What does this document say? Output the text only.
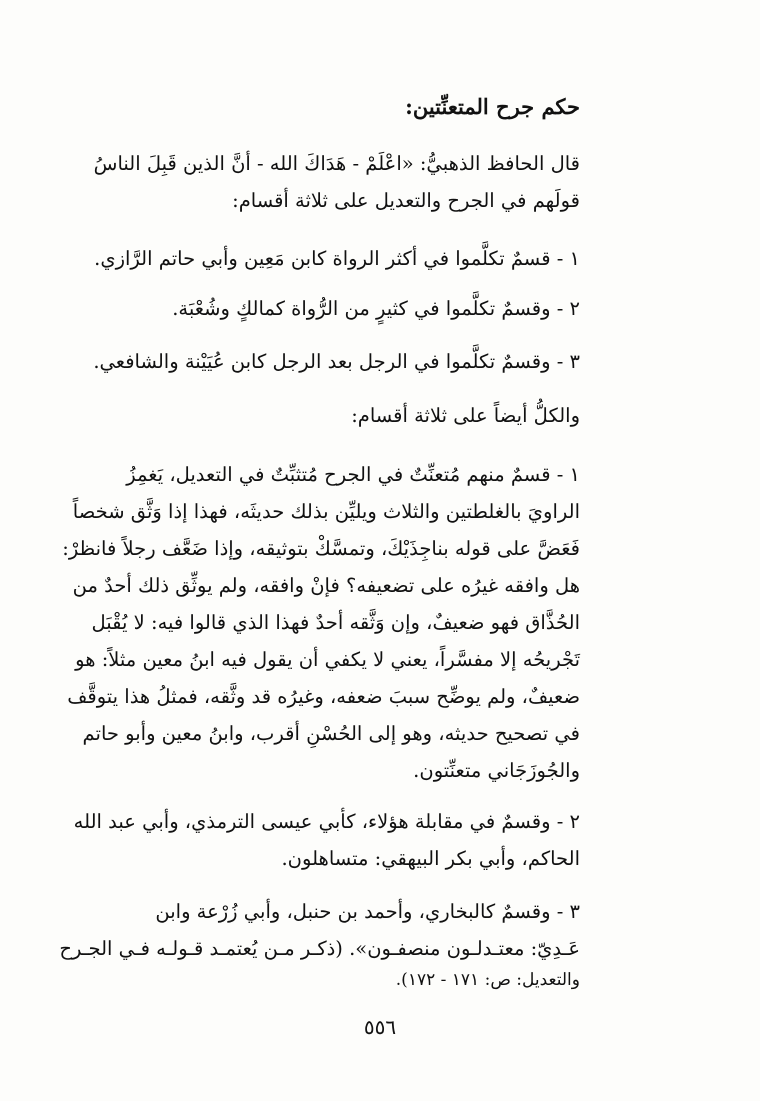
حكم جرح المتعنِّتين:
قال الحافظ الذهبيُّ: «اعْلَمْ - هَدَاكَ الله - أنَّ الذين قَبِلَ الناسُ
قولَهم في الجرح والتعديل على ثلاثة أقسام:
١ - قسمٌ تكلَّموا في أكثر الرواة كابن مَعِين وأبي حاتم الرَّازي.
٢ - وقسمٌ تكلَّموا في كثيرٍ من الرُّواة كمالكٍ وشُعْبَة.
٣ - وقسمٌ تكلَّموا في الرجل بعد الرجل كابن عُيَيْنة والشافعي.
والكلُّ أيضاً على ثلاثة أقسام:
١ - قسمٌ منهم مُتعنِّتٌ في الجرح مُتثبِّتٌ في التعديل، يَغمِزُ
الراويَ بالغلطتين والثلاث ويليِّن بذلك حديثَه، فهذا إذا وَثَّق شخصاً
فَعَضَّ على قوله بناجِذَيْكَ، وتمسَّكْ بتوثيقه، وإذا ضَعَّف رجلاً فانظرْ:
هل وافقه غيرُه على تضعيفه؟ فإنْ وافقه، ولم يوثِّق ذلك أحدٌ من
الحُذَّاق فهو ضعيفٌ، وإن وَثَّقه أحدٌ فهذا الذي قالوا فيه: لا يُقْبَل
تَجْريحُه إلا مفسَّراً، يعني لا يكفي أن يقول فيه ابنُ معين مثلاً: هو
ضعيفٌ، ولم يوضِّح سببَ ضعفه، وغيرُه قد وثَّقه، فمثلُ هذا يتوقَّف
في تصحيح حديثه، وهو إلى الحُسْنِ أقرب، وابنُ معين وأبو حاتم
والجُوزَجَاني متعنِّتون.
٢ - وقسمٌ في مقابلة هؤلاء، كأبي عيسى الترمذي، وأبي عبد الله
الحاكم، وأبي بكر البيهقي: متساهلون.
٣ - وقسمٌ كالبخاري، وأحمد بن حنبل، وأبي زُرْعة وابن
عَـدِيّ: معتـدلـون منصفـون». (ذكـر مـن يُعتمـد قـولـه فـي الجـرح
والتعديل: ص: ١٧١ - ١٧٢).
٥٥٦
